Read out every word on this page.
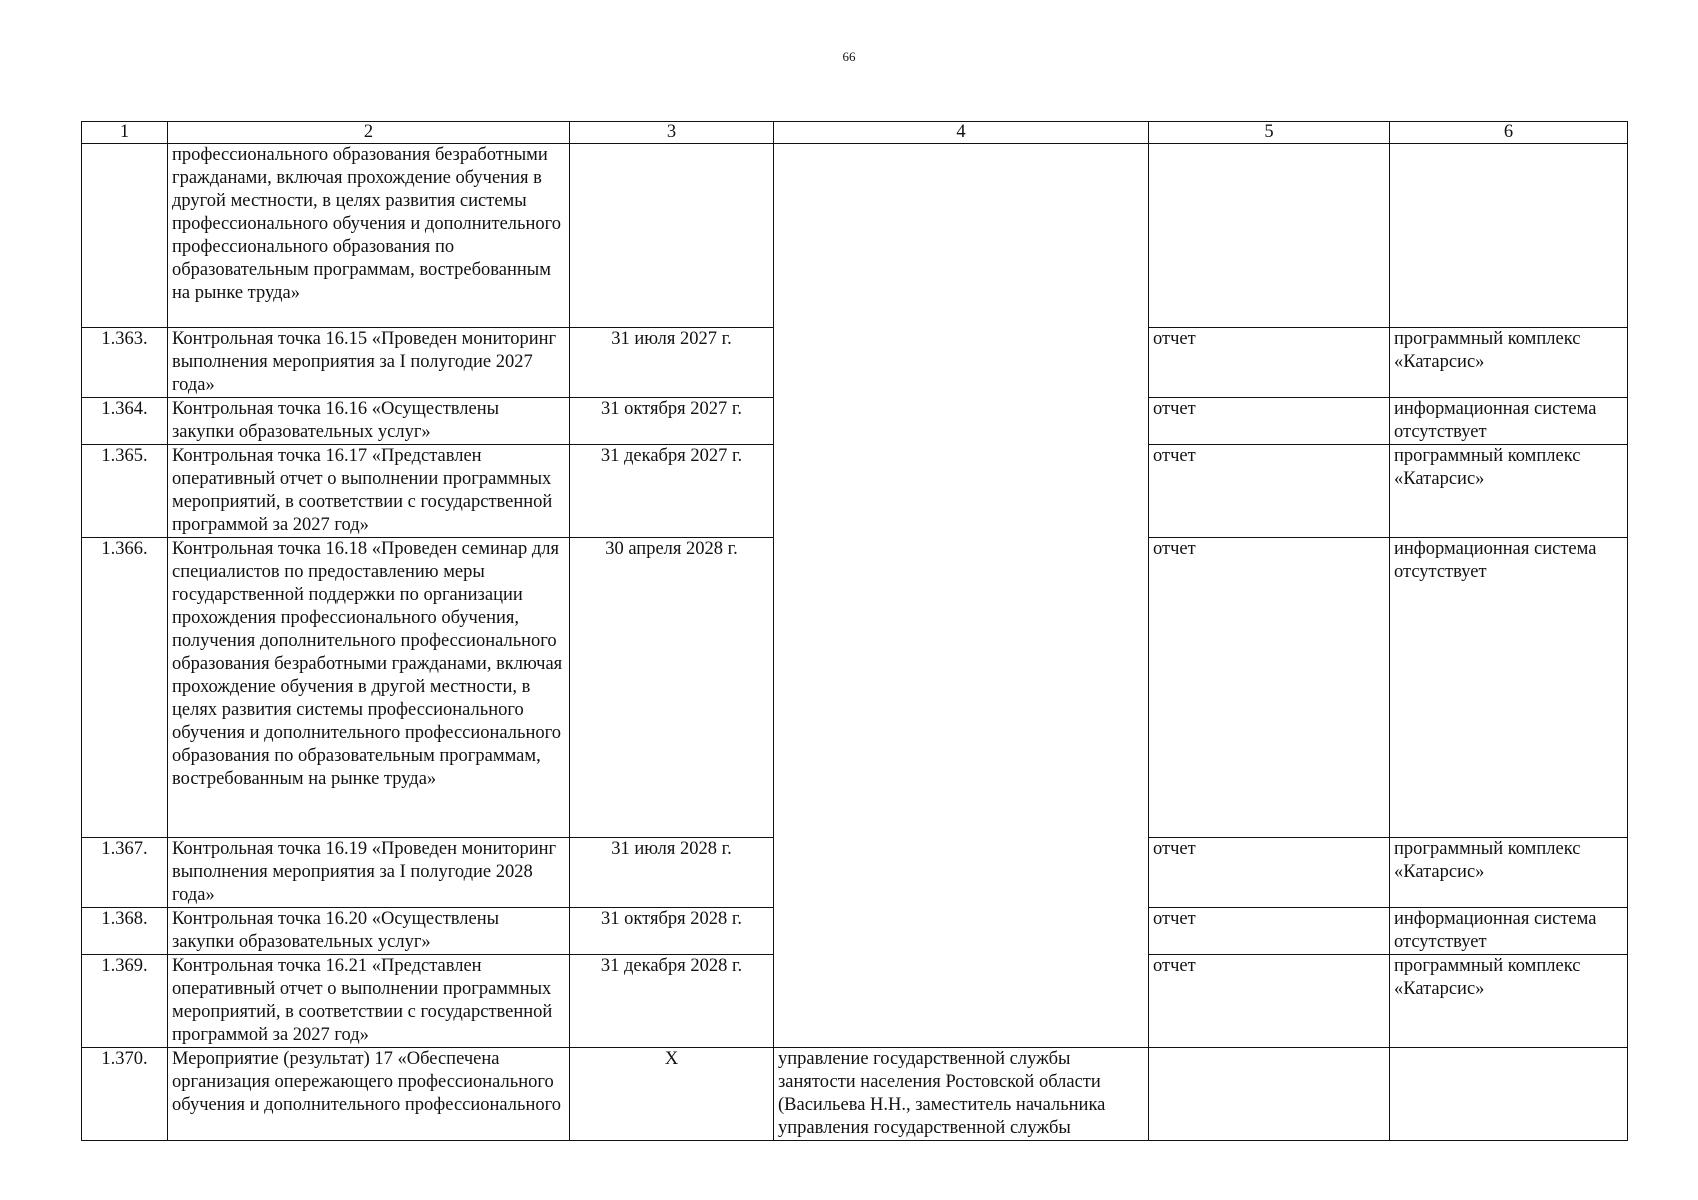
66
1	2	3	4	5	6
	профессионального образования безработными гражданами, включая прохождение обучения в другой местности, в целях развития системы профессионального обучения и дополнительного профессионального образования по образовательным программам, востребованным на рынке труда»				
1.363.	Контрольная точка 16.15 «Проведен мониторинг выполнения мероприятия за I полугодие 2027 года»	31 июля 2027 г.		отчет	программный комплекс «Катарсис»
1.364.	Контрольная точка 16.16 «Осуществлены закупки образовательных услуг»	31 октября 2027 г.		отчет	информационная система отсутствует
1.365.	Контрольная точка 16.17 «Представлен оперативный отчет о выполнении программных мероприятий, в соответствии с государственной программой за 2027 год»	31 декабря 2027 г.		отчет	программный комплекс «Катарсис»
1.366.	Контрольная точка 16.18 «Проведен семинар для специалистов по предоставлению меры государственной поддержки по организации прохождения профессионального обучения, получения дополнительного профессионального образования безработными гражданами, включая прохождение обучения в другой местности, в целях развития системы профессионального обучения и дополнительного профессионального образования по образовательным программам, востребованным на рынке труда»	30 апреля 2028 г.		отчет	информационная система отсутствует
1.367.	Контрольная точка 16.19 «Проведен мониторинг выполнения мероприятия за I полугодие 2028 года»	31 июля 2028 г.		отчет	программный комплекс «Катарсис»
1.368.	Контрольная точка 16.20 «Осуществлены закупки образовательных услуг»	31 октября 2028 г.		отчет	информационная система отсутствует
1.369.	Контрольная точка 16.21 «Представлен оперативный отчет о выполнении программных мероприятий, в соответствии с государственной программой за 2027 год»	31 декабря 2028 г.		отчет	программный комплекс «Катарсис»
1.370.	Мероприятие (результат) 17 «Обеспечена организация опережающего профессионального обучения и дополнительного профессионального	X	управление государственной службы занятости населения Ростовской области (Васильева Н.Н., заместитель начальника управления государственной службы		
